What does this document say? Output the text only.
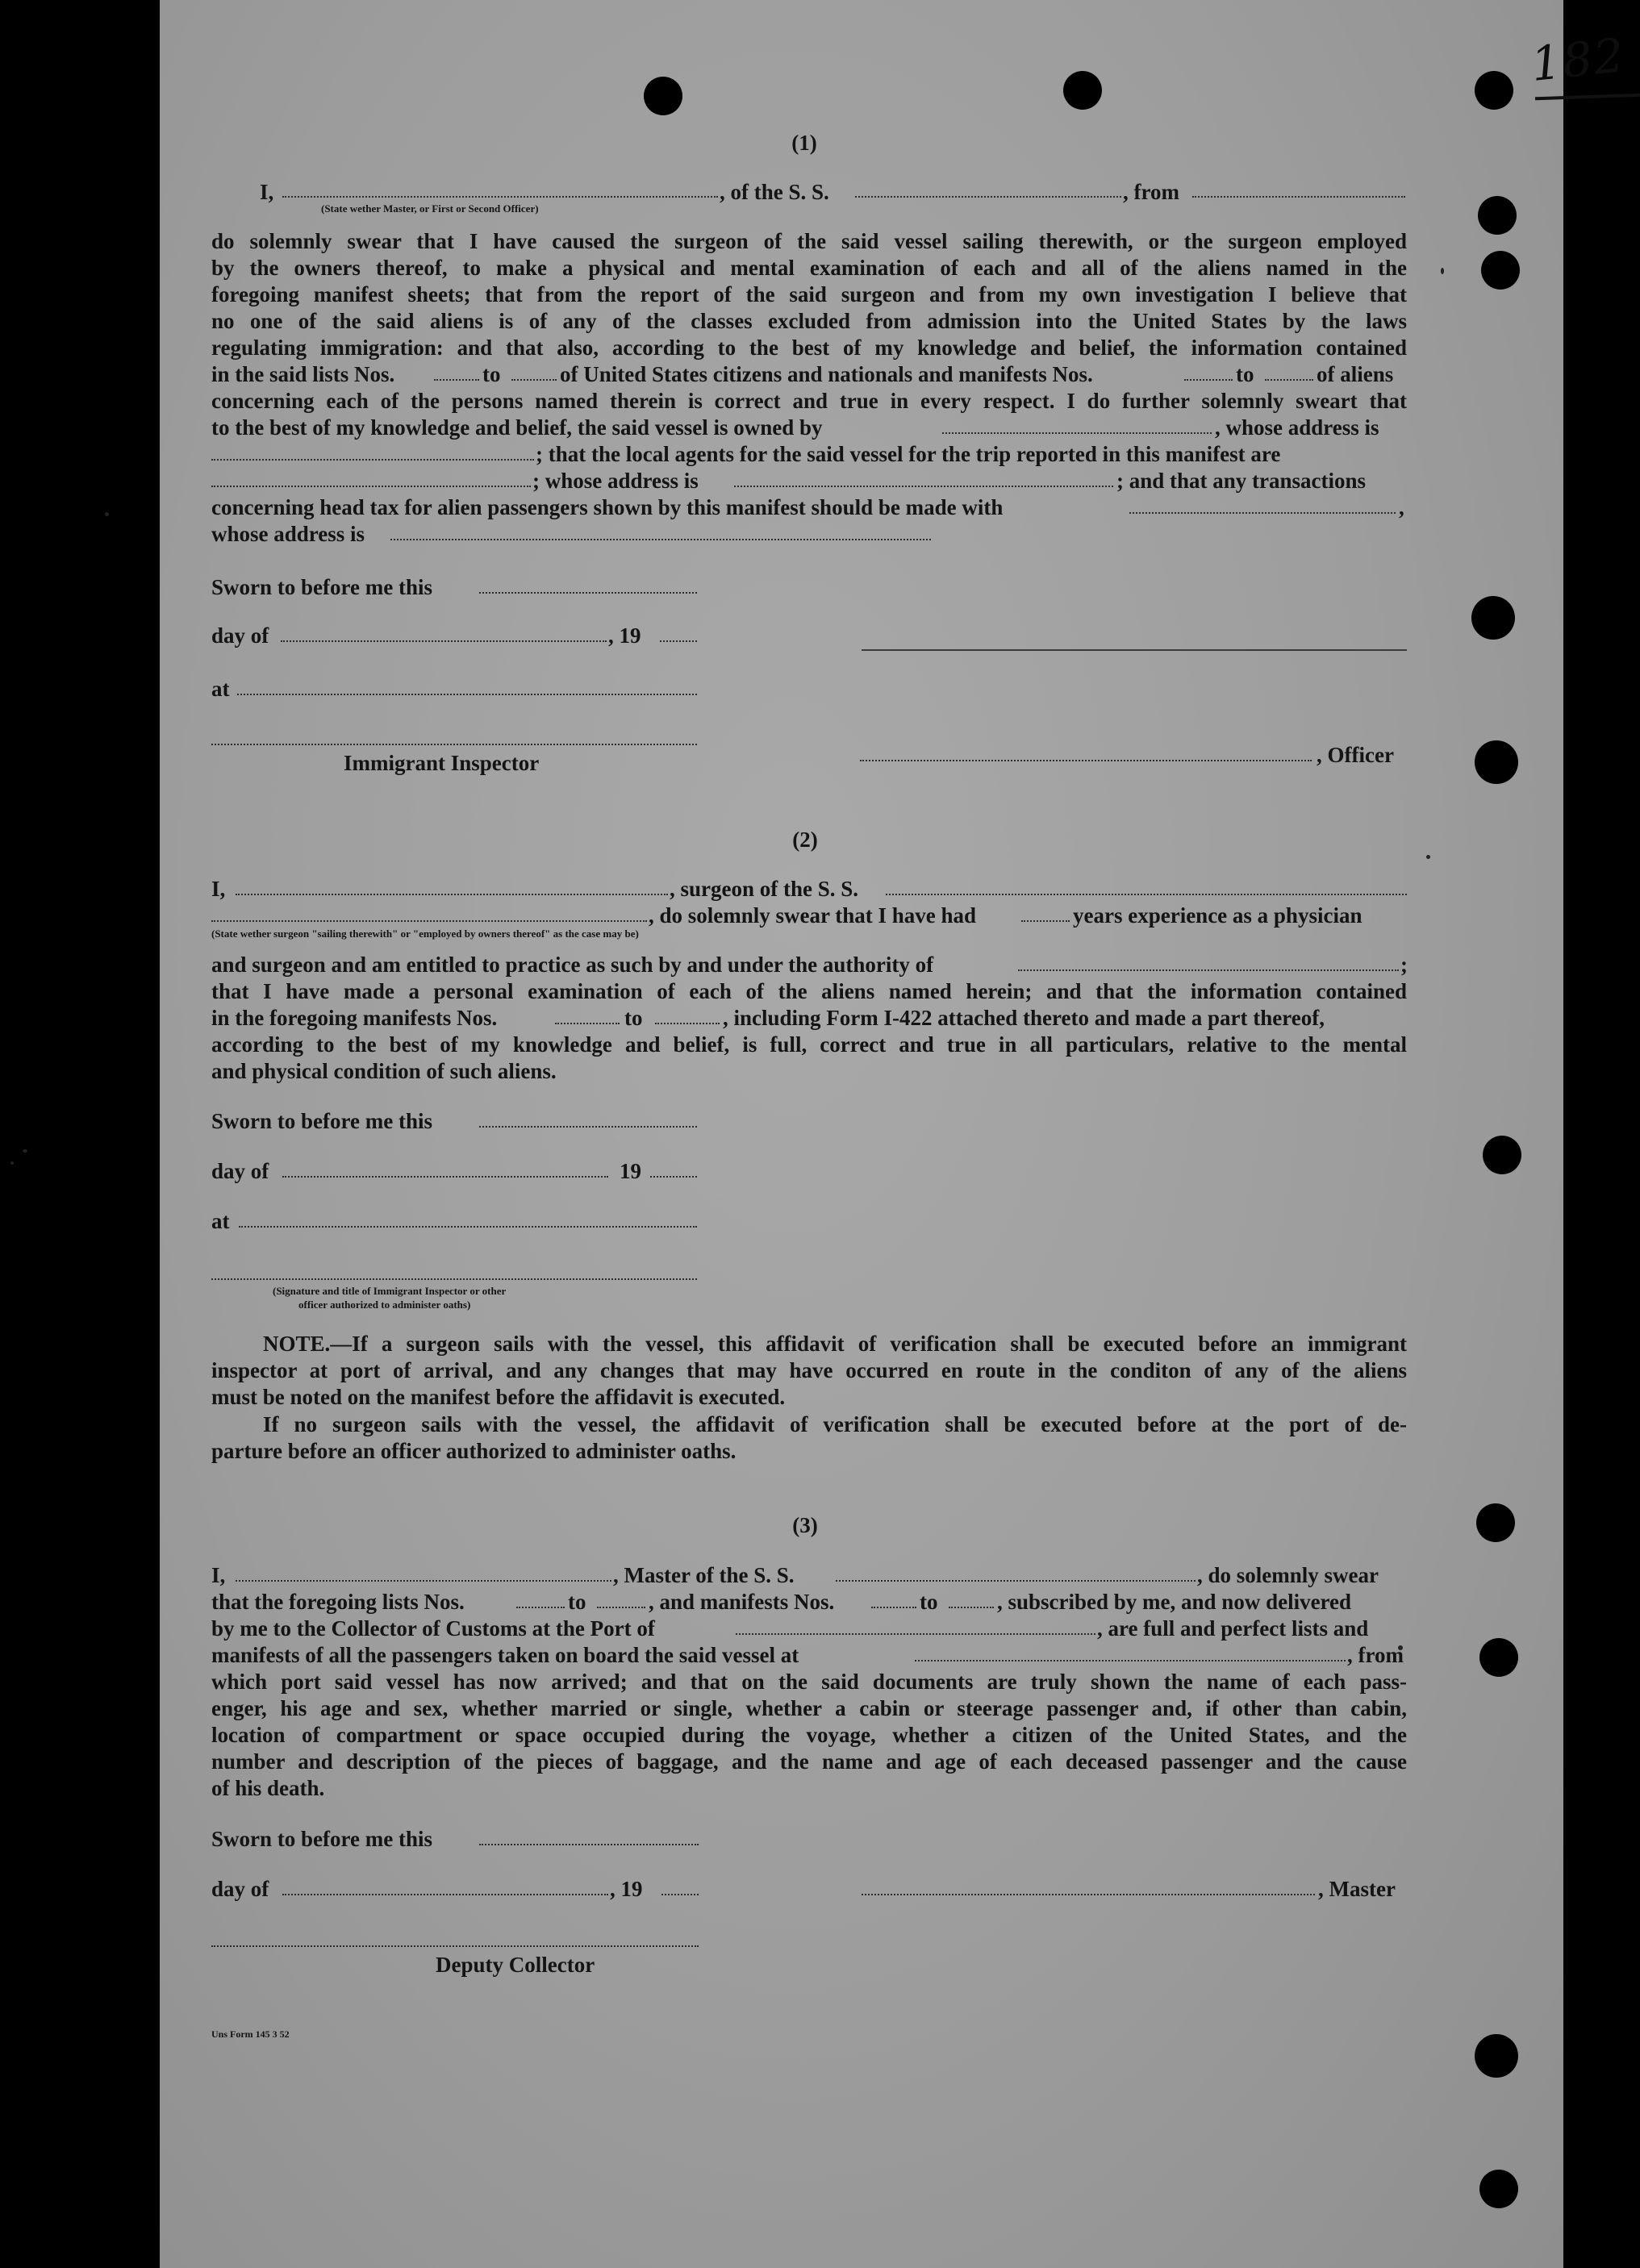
182
(1)
I,	, of the S. S.	, from
(State wether Master, or First or Second Officer)
do solemnly swear that I have caused the surgeon of the said vessel sailing therewith, or the surgeon employed
by the owners thereof, to make a physical and mental examination of each and all of the aliens named in the
foregoing manifest sheets; that from the report of the said surgeon and from my own investigation I believe that
no one of the said aliens is of any of the classes excluded from admission into the United States by the laws
regulating immigration: and that also, according to the best of my knowledge and belief, the information contained
in the said lists Nos.	to	of United States citizens and nationals and manifests Nos.	to	of aliens
concerning each of the persons named therein is correct and true in every respect. I do further solemnly sweart that
to the best of my knowledge and belief, the said vessel is owned by	, whose address is
; that the local agents for the said vessel for the trip reported in this manifest are
; whose address is	; and that any transactions
concerning head tax for alien passengers shown by this manifest should be made with	,
whose address is
Sworn to before me this
day of	, 19
at
Immigrant Inspector	, Officer
(2)
I,	, surgeon of the S. S.
, do solemnly swear that I have had	years experience as a physician
(State wether surgeon "sailing therewith" or "employed by owners thereof" as the case may be)
and surgeon and am entitled to practice as such by and under the authority of	;
that I have made a personal examination of each of the aliens named herein; and that the information contained
in the foregoing manifests Nos.	to	, including Form I-422 attached thereto and made a part thereof,
according to the best of my knowledge and belief, is full, correct and true in all particulars, relative to the mental
and physical condition of such aliens.
Sworn to before me this
day of	19
at
(Signature and title of Immigrant Inspector or other
officer authorized to administer oaths)
NOTE.—If a surgeon sails with the vessel, this affidavit of verification shall be executed before an immigrant
inspector at port of arrival, and any changes that may have occurred en route in the conditon of any of the aliens
must be noted on the manifest before the affidavit is executed.
If no surgeon sails with the vessel, the affidavit of verification shall be executed before at the port of de-
parture before an officer authorized to administer oaths.
(3)
I,	, Master of the S. S.	, do solemnly swear
that the foregoing lists Nos.	to	, and manifests Nos.	to	, subscribed by me, and now delivered
by me to the Collector of Customs at the Port of	, are full and perfect lists and
manifests of all the passengers taken on board the said vessel at	, from
which port said vessel has now arrived; and that on the said documents are truly shown the name of each pass-
enger, his age and sex, whether married or single, whether a cabin or steerage passenger and, if other than cabin,
location of compartment or space occupied during the voyage, whether a citizen of the United States, and the
number and description of the pieces of baggage, and the name and age of each deceased passenger and the cause
of his death.
Sworn to before me this
day of	, 19	, Master
Deputy Collector
Uns Form 145 3 52
